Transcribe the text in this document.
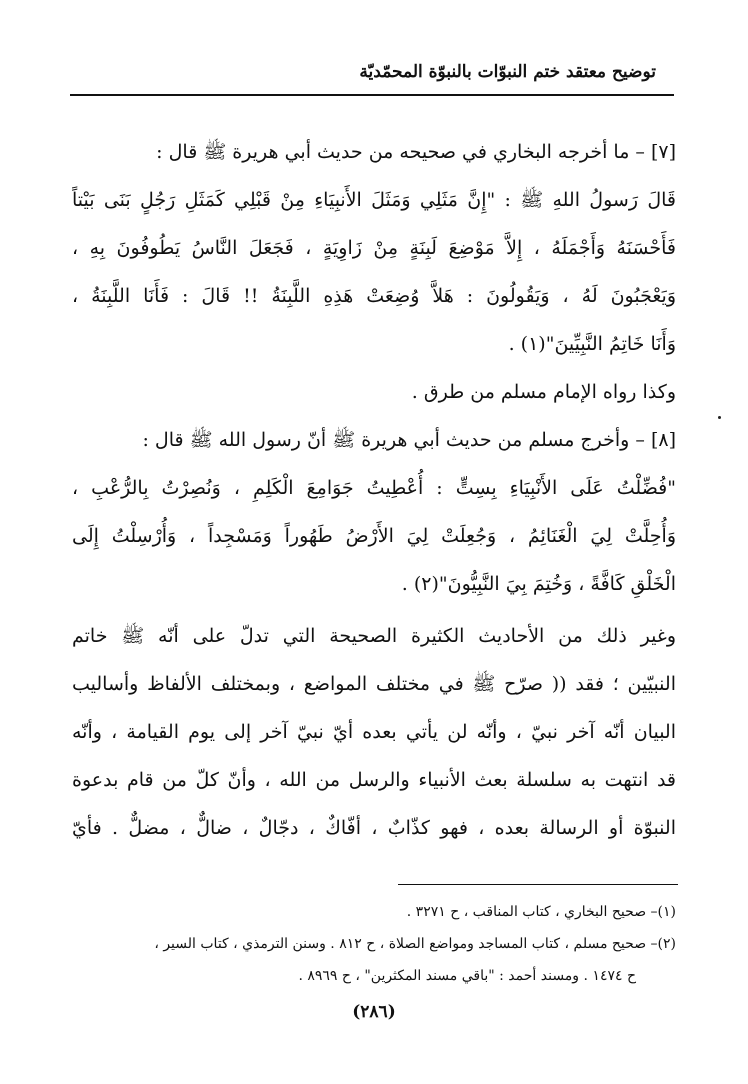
توضيح معتقد ختم النبوّات بالنبوّة المحمّديّة
[٧] – ما أخرجه البخاري في صحيحه من حديث أبي هريرة ﷺ قال :
قَالَ رَسولُ اللهِ ﷺ : "إِنَّ مَثَلِي وَمَثَلَ الأَنبِيَاءِ مِنْ قَبْلِي كَمَثَلِ رَجُلٍ بَنَى بَيْتاً
فَأَحْسَنَهُ وَأَجْمَلَهُ ، إِلاَّ مَوْضِعَ لَبِنَةٍ مِنْ زَاوِيَةٍ ، فَجَعَلَ النَّاسُ يَطُوفُونَ بِهِ ،
وَيَعْجَبُونَ لَهُ ، وَيَقُولُونَ : هَلاَّ وُضِعَتْ هَذِهِ اللَّبِنَةُ !! قَالَ : فَأَنَا اللَّبِنَةُ ،
وَأَنَا خَاتِمُ النَّبِيِّينَ"(١) .
وكذا رواه الإمام مسلم من طرق .
[٨] – وأخرج مسلم من حديث أبي هريرة ﷺ أنّ رسول الله ﷺ قال :
"فُضِّلْتُ عَلَى الأَنْبِيَاءِ بِسِتٍّ : أُعْطِيتُ جَوَامِعَ الْكَلِمِ ، وَنُصِرْتُ بِالرُّعْبِ ،
وَأُحِلَّتْ لِيَ الْغَنَائِمُ ، وَجُعِلَتْ لِيَ الأَرْضُ طَهُوراً وَمَسْجِداً ، وَأُرْسِلْتُ إِلَى
الْخَلْقِ كَافَّةً ، وَخُتِمَ بِيَ النَّبِيُّونَ"(٢) .
وغير ذلك من الأحاديث الكثيرة الصحيحة التي تدلّ على أنّه ﷺ خاتم
النبيّين ؛ فقد (( صرّح ﷺ في مختلف المواضع ، وبمختلف الألفاظ وأساليب
البيان أنّه آخر نبيّ ، وأنّه لن يأتي بعده أيّ نبيّ آخر إلى يوم القيامة ، وأنّه
قد انتهت به سلسلة بعث الأنبياء والرسل من الله ، وأنّ كلّ من قام بدعوة
النبوّة أو الرسالة بعده ، فهو كذّابٌ ، أفّاكٌ ، دجّالٌ ، ضالٌّ ، مضلٌّ . فأيّ
(١)– صحيح البخاري ، كتاب المناقب ، ح ٣٢٧١ .
(٢)– صحيح مسلم ، كتاب المساجد ومواضع الصلاة ، ح ٨١٢ . وسنن الترمذي ، كتاب السير ،
ح ١٤٧٤ . ومسند أحمد : "باقي مسند المكثرين" ، ح ٨٩٦٩ .
(٢٨٦)
